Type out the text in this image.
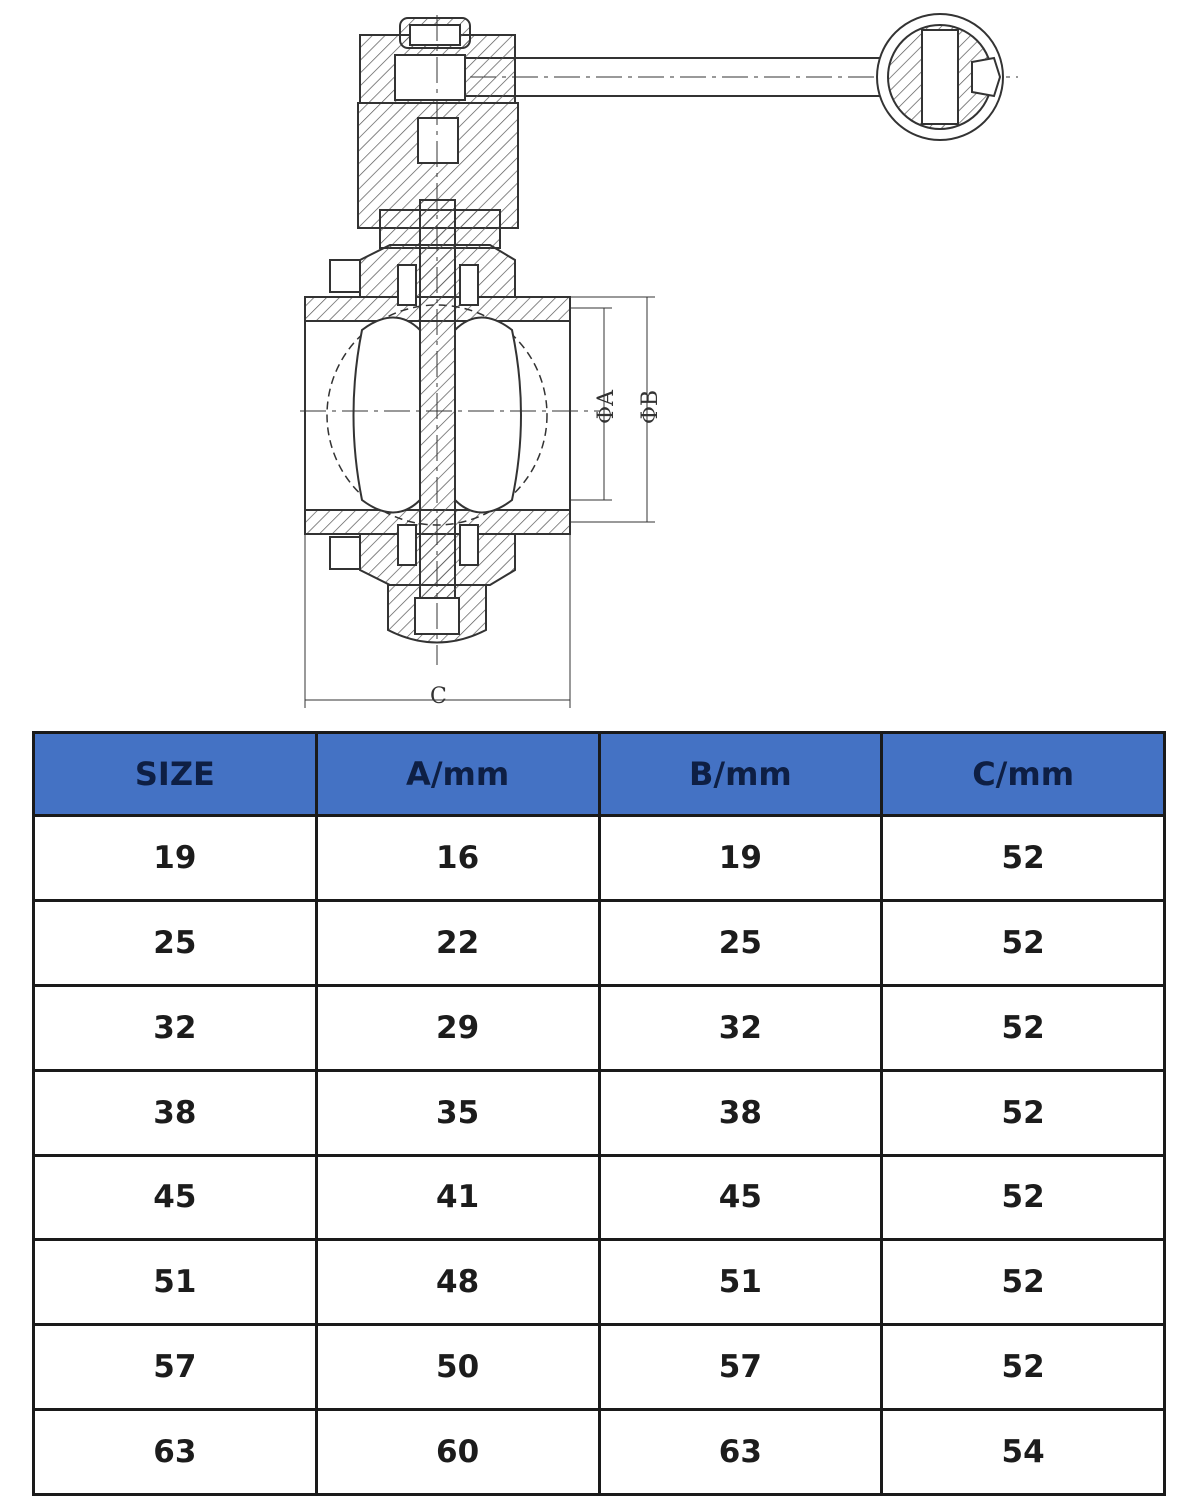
ΦA ΦB
C
SIZE	A/mm	B/mm	C/mm
19	16	19	52
25	22	25	52
32	29	32	52
38	35	38	52
45	41	45	52
51	48	51	52
57	50	57	52
63	60	63	54
